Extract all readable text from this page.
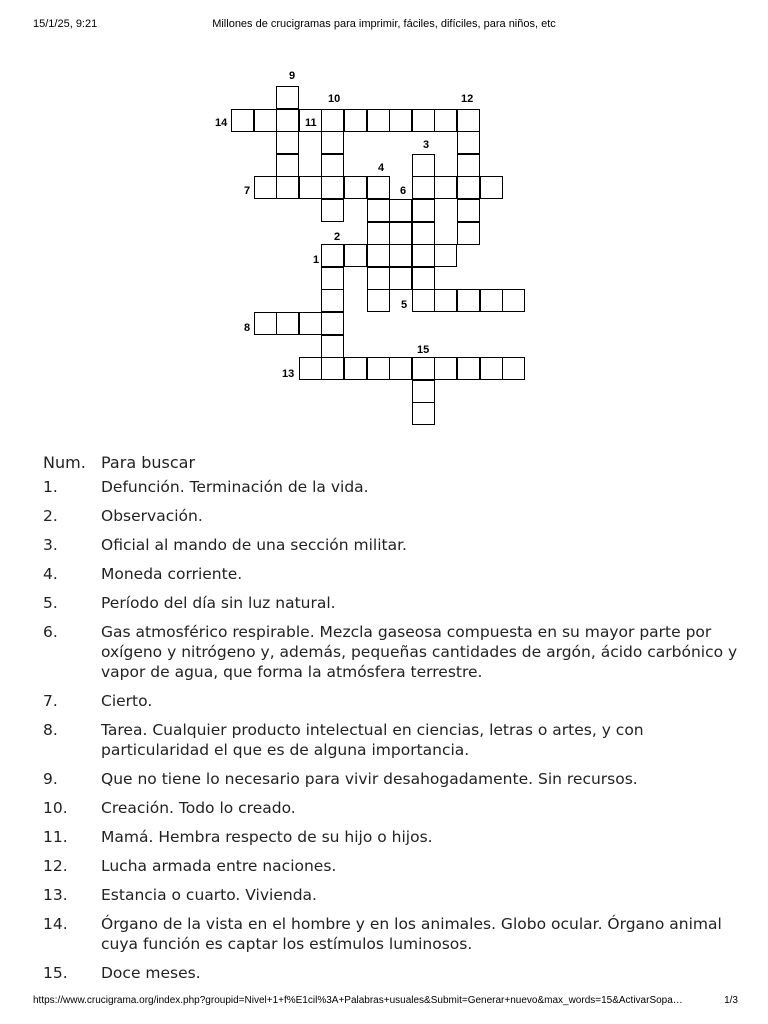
15/1/25, 9:21	Millones de crucigramas para imprimir, fáciles, difíciles, para niños, etc
9
10	12
14	11
3
4
7	6
2
1
5
8
15
13
Num. Para buscar
1.	Defunción. Terminación de la vida.
2.	Observación.
3.	Oficial al mando de una sección militar.
4.	Moneda corriente.
5.	Período del día sin luz natural.
6.	Gas atmosférico respirable. Mezcla gaseosa compuesta en su mayor parte por oxígeno y nitrógeno y, además, pequeñas cantidades de argón, ácido carbónico y vapor de agua, que forma la atmósfera terrestre.
7.	Cierto.
8.	Tarea. Cualquier producto intelectual en ciencias, letras o artes, y con particularidad el que es de alguna importancia.
9.	Que no tiene lo necesario para vivir desahogadamente. Sin recursos.
10.	Creación. Todo lo creado.
11.	Mamá. Hembra respecto de su hijo o hijos.
12.	Lucha armada entre naciones.
13.	Estancia o cuarto. Vivienda.
14.	Órgano de la vista en el hombre y en los animales. Globo ocular. Órgano animal cuya función es captar los estímulos luminosos.
15.	Doce meses.
https://www.crucigrama.org/index.php?groupid=Nivel+1+f%E1cil%3A+Palabras+usuales&Submit=Generar+nuevo&max_words=15&ActivarSopa…	1/3
